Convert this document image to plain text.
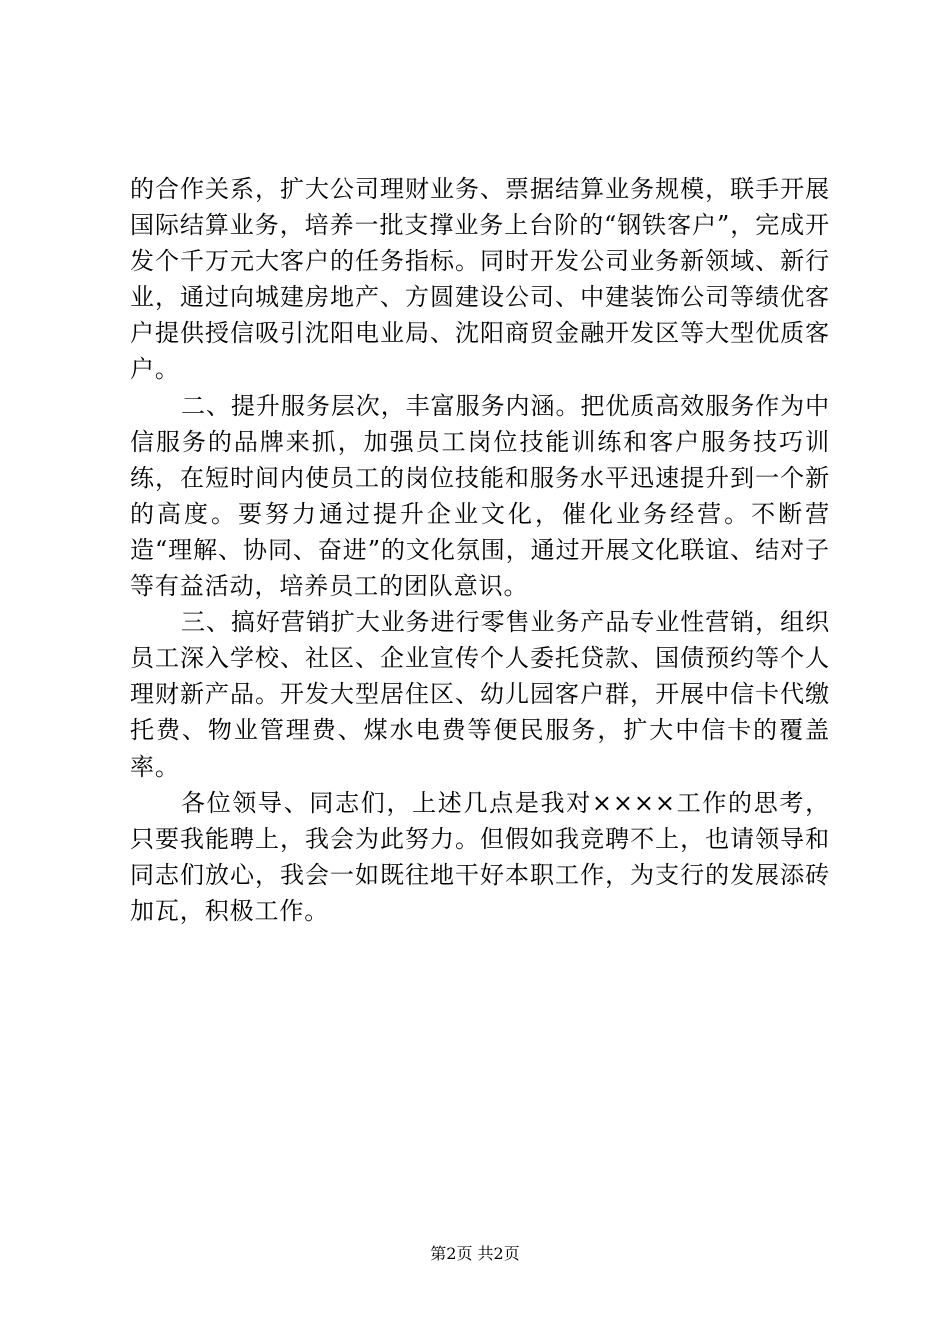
的合作关系，扩大公司理财业务、票据结算业务规模，联手开展国际结算业务，培养一批支撑业务上台阶的“钢铁客户”，完成开发个千万元大客户的任务指标。同时开发公司业务新领域、新行业，通过向城建房地产、方圆建设公司、中建装饰公司等绩优客户提供授信吸引沈阳电业局、沈阳商贸金融开发区等大型优质客户。

二、提升服务层次，丰富服务内涵。把优质高效服务作为中信服务的品牌来抓，加强员工岗位技能训练和客户服务技巧训练，在短时间内使员工的岗位技能和服务水平迅速提升到一个新的高度。要努力通过提升企业文化，催化业务经营。不断营造“理解、协同、奋进”的文化氛围，通过开展文化联谊、结对子等有益活动，培养员工的团队意识。

三、搞好营销扩大业务进行零售业务产品专业性营销，组织员工深入学校、社区、企业宣传个人委托贷款、国债预约等个人理财新产品。开发大型居住区、幼儿园客户群，开展中信卡代缴托费、物业管理费、煤水电费等便民服务，扩大中信卡的覆盖率。

各位领导、同志们，上述几点是我对××××工作的思考，只要我能聘上，我会为此努力。但假如我竞聘不上，也请领导和同志们放心，我会一如既往地干好本职工作，为支行的发展添砖加瓦，积极工作。

第2页 共2页
